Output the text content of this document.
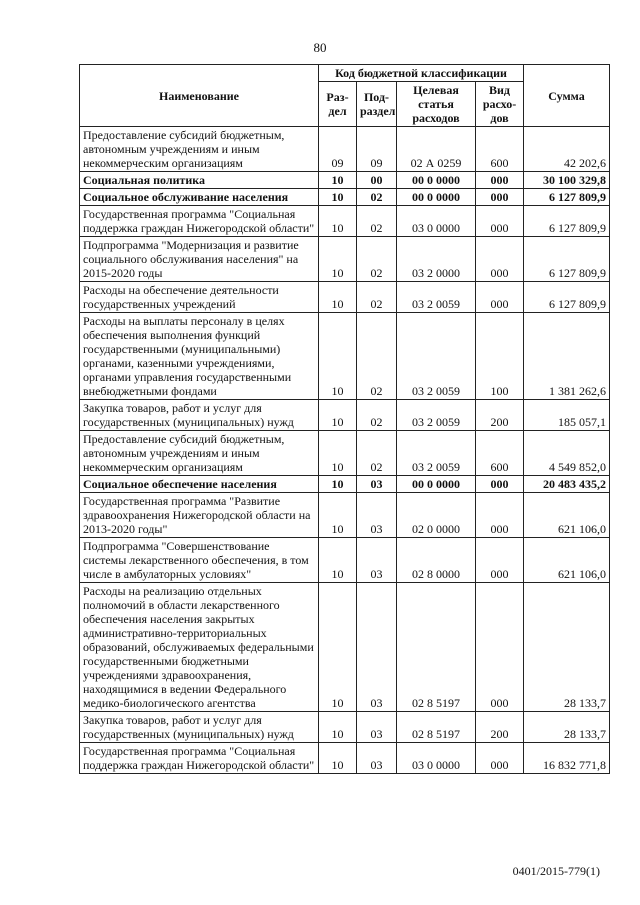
80
Наименование	Код бюджетной классификации				Сумма
	Раз-дел	Под-раздел	Целевая статья расходов	Вид расхо-дов	
Предоставление субсидий бюджетным, автономным учреждениям и иным некоммерческим организациям	09	09	02 А 0259	600	42 202,6
Социальная политика	10	00	00 0 0000	000	30 100 329,8
Социальное обслуживание населения	10	02	00 0 0000	000	6 127 809,9
Государственная программа "Социальная поддержка граждан Нижегородской области"	10	02	03 0 0000	000	6 127 809,9
Подпрограмма "Модернизация и развитие социального обслуживания населения" на 2015-2020 годы	10	02	03 2 0000	000	6 127 809,9
Расходы на обеспечение деятельности государственных учреждений	10	02	03 2 0059	000	6 127 809,9
Расходы на выплаты персоналу в целях обеспечения выполнения функций государственными (муниципальными) органами, казенными учреждениями, органами управления государственными внебюджетными фондами	10	02	03 2 0059	100	1 381 262,6
Закупка товаров, работ и услуг для государственных (муниципальных) нужд	10	02	03 2 0059	200	185 057,1
Предоставление субсидий бюджетным, автономным учреждениям и иным некоммерческим организациям	10	02	03 2 0059	600	4 549 852,0
Социальное обеспечение населения	10	03	00 0 0000	000	20 483 435,2
Государственная программа "Развитие здравоохранения Нижегородской области на 2013-2020 годы"	10	03	02 0 0000	000	621 106,0
Подпрограмма "Совершенствование системы лекарственного обеспечения, в том числе в амбулаторных условиях"	10	03	02 8 0000	000	621 106,0
Расходы на реализацию отдельных полномочий в области лекарственного обеспечения населения закрытых административно-территориальных образований, обслуживаемых федеральными государственными бюджетными учреждениями здравоохранения, находящимися в ведении Федерального медико-биологического агентства	10	03	02 8 5197	000	28 133,7
Закупка товаров, работ и услуг для государственных (муниципальных) нужд	10	03	02 8 5197	200	28 133,7
Государственная программа "Социальная поддержка граждан Нижегородской области"	10	03	03 0 0000	000	16 832 771,8
0401/2015-779(1)
